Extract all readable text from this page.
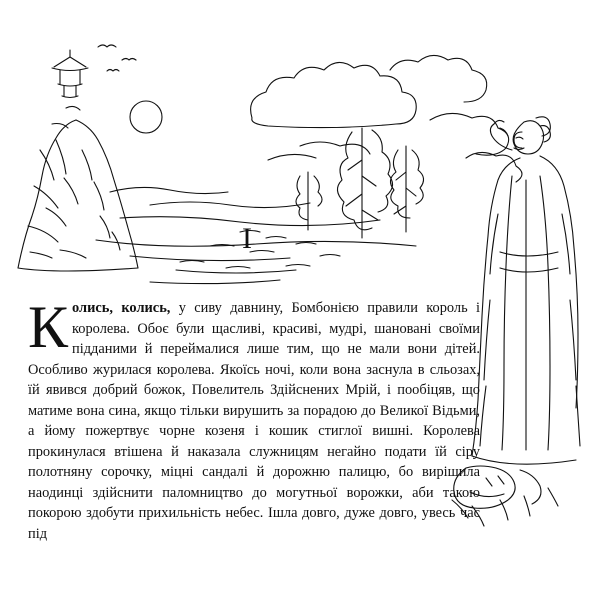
I
Колись, колись, у сиву давнину, Бомбонією правили король і королева. Обоє були щасливі, красиві, мудрі, шановані своїми підданими й переймалися лише тим, що не мали вони дітей. Особливо журилася королева. Якоїсь ночі, коли вона заснула в сльозах, їй явився добрий божок, Повелитель Здійснених Мрій, і пообіцяв, що матиме вона сина, якщо тільки вирушить за порадою до Великої Відьми, а йому пожертвує чорне козеня і кошик стиглої вишні. Королева прокинулася втішена й наказала служницям негайно подати їй сіру полотняну сорочку, міцні сандалі й дорожню палицю, бо вирішила наодинці здійснити паломництво до могутньої ворожки, аби такою покорою здобути прихильність небес. Ішла довго, дуже довго, увесь час під
